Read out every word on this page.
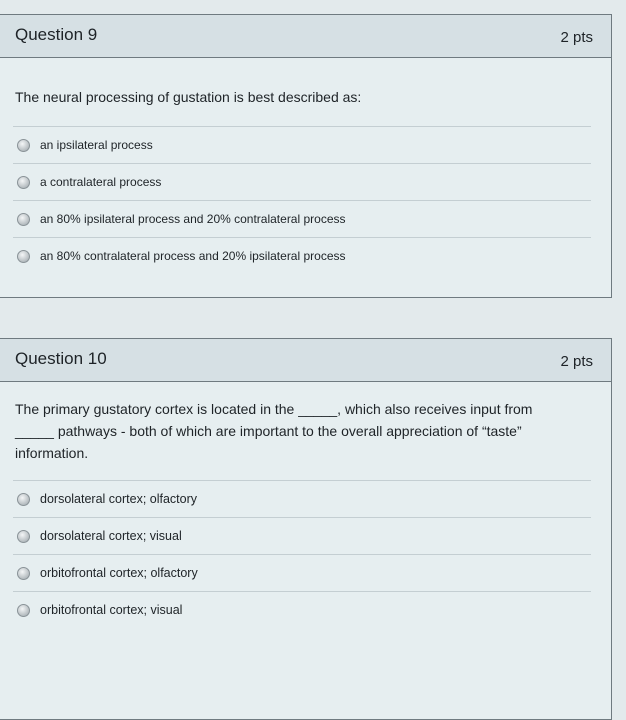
Question 9	2 pts
The neural processing of gustation is best described as:
an ipsilateral process
a contralateral process
an 80% ipsilateral process and 20% contralateral process
an 80% contralateral process and 20% ipsilateral process
Question 10	2 pts
The primary gustatory cortex is located in the _____, which also receives input from _____ pathways - both of which are important to the overall appreciation of “taste” information.
dorsolateral cortex; olfactory
dorsolateral cortex; visual
orbitofrontal cortex; olfactory
orbitofrontal cortex; visual
